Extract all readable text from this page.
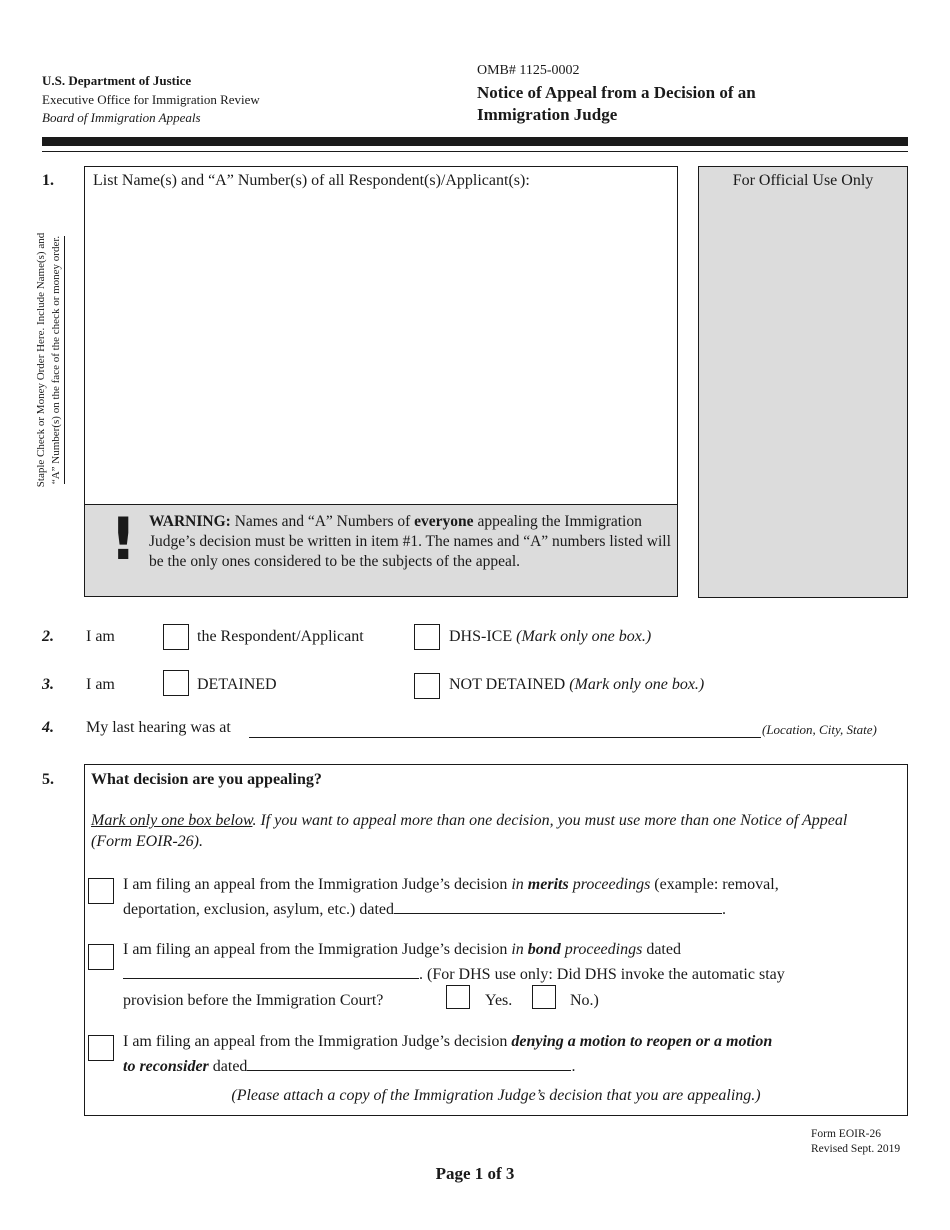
U.S. Department of Justice
Executive Office for Immigration Review
Board of Immigration Appeals
OMB# 1125-0002
Notice of Appeal from a Decision of an
Immigration Judge
Staple Check or Money Order Here. Include Name(s) and “A” Number(s) on the face of the check or money order.
1. List Name(s) and “A” Number(s) of all Respondent(s)/Applicant(s):
! WARNING: Names and “A” Numbers of everyone appealing the Immigration Judge’s decision must be written in item #1. The names and “A” numbers listed will be the only ones considered to be the subjects of the appeal.
For Official Use Only
2. I am	the Respondent/Applicant	DHS-ICE (Mark only one box.)
3. I am	DETAINED	NOT DETAINED (Mark only one box.)
4. My last hearing was at	(Location, City, State)
5. What decision are you appealing?
Mark only one box below. If you want to appeal more than one decision, you must use more than one Notice of Appeal (Form EOIR-26).
I am filing an appeal from the Immigration Judge’s decision in merits proceedings (example: removal,
deportation, exclusion, asylum, etc.) dated	.
I am filing an appeal from the Immigration Judge’s decision in bond proceedings dated
. (For DHS use only: Did DHS invoke the automatic stay
provision before the Immigration Court?	Yes.	No.)
I am filing an appeal from the Immigration Judge’s decision denying a motion to reopen or a motion
to reconsider dated	.
(Please attach a copy of the Immigration Judge’s decision that you are appealing.)
Form EOIR-26
Revised Sept. 2019
Page 1 of 3
